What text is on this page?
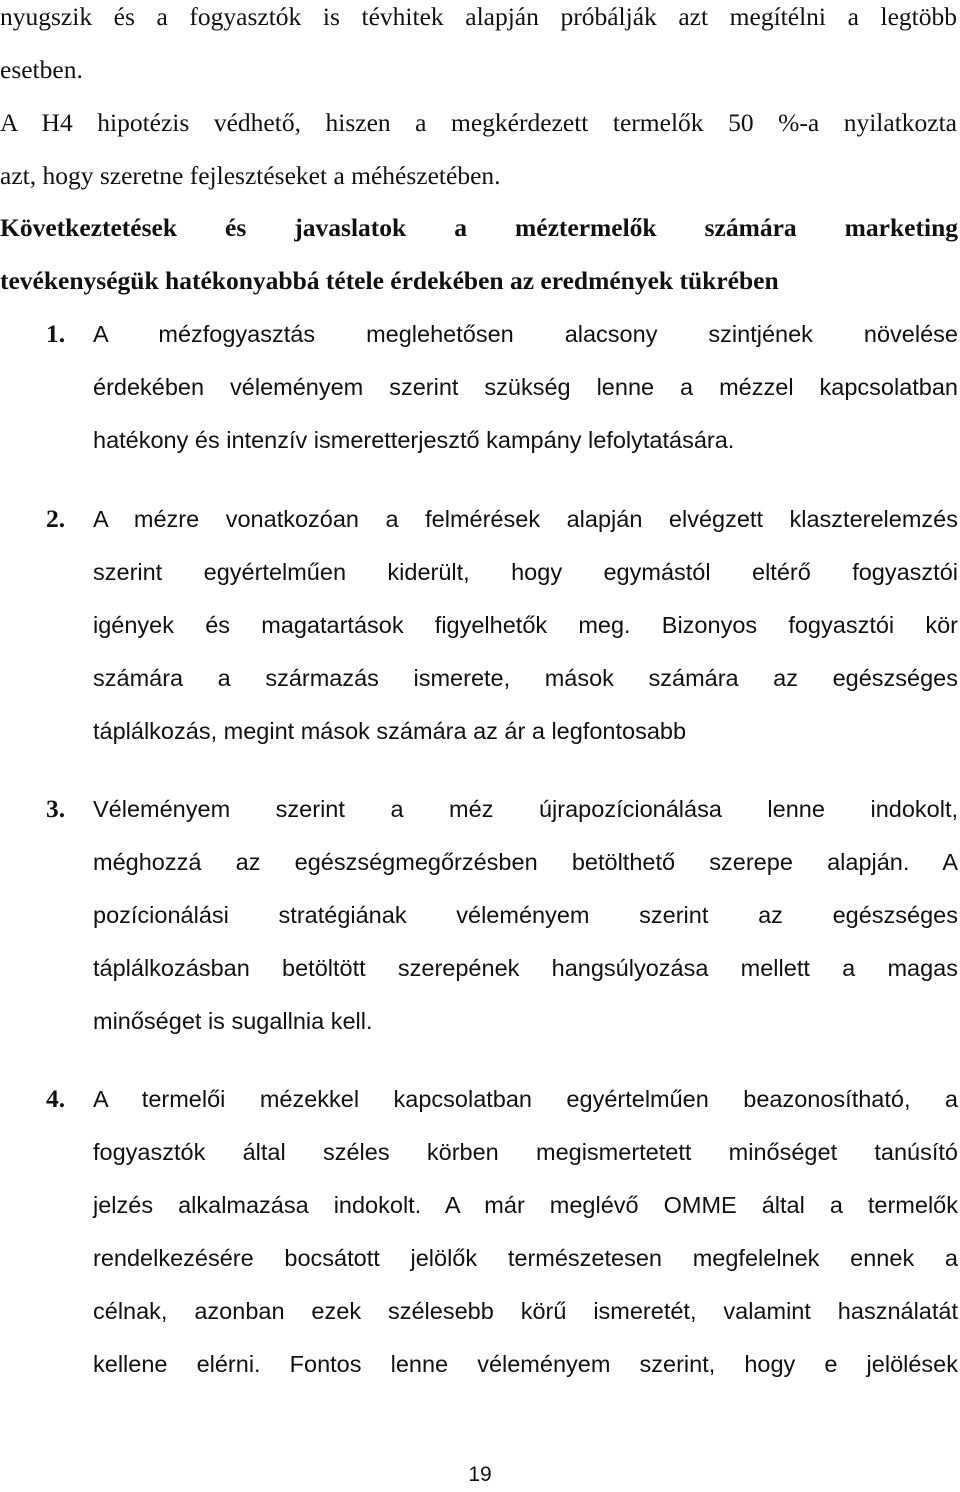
nyugszik és a fogyasztók is tévhitek alapján próbálják azt megítélni a legtöbb
esetben.
A H4 hipotézis védhető, hiszen a megkérdezett termelők 50 %-a nyilatkozta
azt, hogy szeretne fejlesztéseket a méhészetében.
Következtetések és javaslatok a méztermelők számára marketing
tevékenységük hatékonyabbá tétele érdekében az eredmények tükrében
1. A mézfogyasztás meglehetősen alacsony szintjének növelése
érdekében véleményem szerint szükség lenne a mézzel kapcsolatban
hatékony és intenzív ismeretterjesztő kampány lefolytatására.
2. A mézre vonatkozóan a felmérések alapján elvégzett klaszterelemzés
szerint egyértelműen kiderült, hogy egymástól eltérő fogyasztói
igények és magatartások figyelhetők meg. Bizonyos fogyasztói kör
számára a származás ismerete, mások számára az egészséges
táplálkozás, megint mások számára az ár a legfontosabb
3. Véleményem szerint a méz újrapozícionálása lenne indokolt,
méghozzá az egészségmegőrzésben betölthető szerepe alapján. A
pozícionálási stratégiának véleményem szerint az egészséges
táplálkozásban betöltött szerepének hangsúlyozása mellett a magas
minőséget is sugallnia kell.
4. A termelői mézekkel kapcsolatban egyértelműen beazonosítható, a
fogyasztók által széles körben megismertetett minőséget tanúsító
jelzés alkalmazása indokolt. A már meglévő OMME által a termelők
rendelkezésére bocsátott jelölők természetesen megfelelnek ennek a
célnak, azonban ezek szélesebb körű ismeretét, valamint használatát
kellene elérni. Fontos lenne véleményem szerint, hogy e jelölések
19
